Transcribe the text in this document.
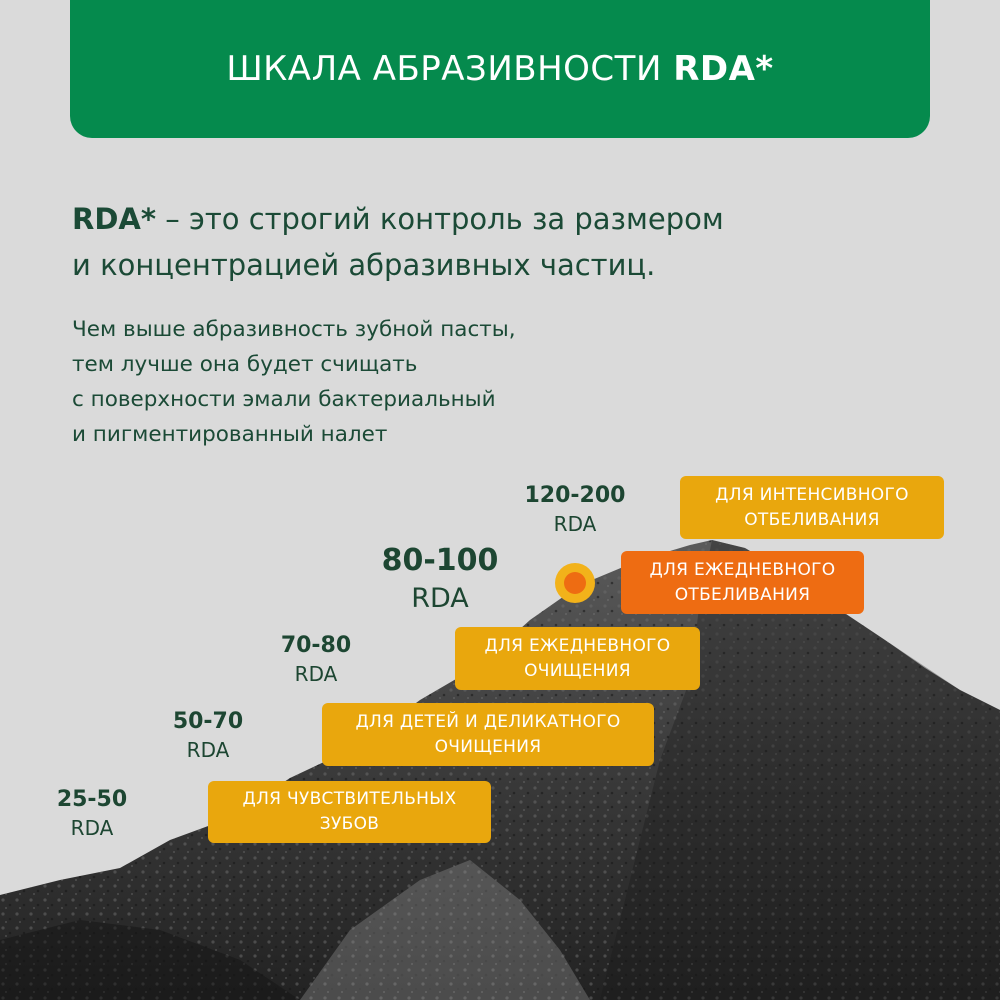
ШКАЛА АБРАЗИВНОСТИ RDA*
RDA* – это строгий контроль за размером
и концентрацией абразивных частиц.
Чем выше абразивность зубной пасты,
тем лучше она будет счищать
с поверхности эмали бактериальный
и пигментированный налет
25-50
RDA
50-70
RDA
70-80
RDA
80-100
RDA
120-200
RDA
ДЛЯ ЧУВСТВИТЕЛЬНЫХ
ЗУБОВ
ДЛЯ ДЕТЕЙ И ДЕЛИКАТНОГО
ОЧИЩЕНИЯ
ДЛЯ ЕЖЕДНЕВНОГО
ОЧИЩЕНИЯ
ДЛЯ ЕЖЕДНЕВНОГО
ОТБЕЛИВАНИЯ
ДЛЯ ИНТЕНСИВНОГО
ОТБЕЛИВАНИЯ
